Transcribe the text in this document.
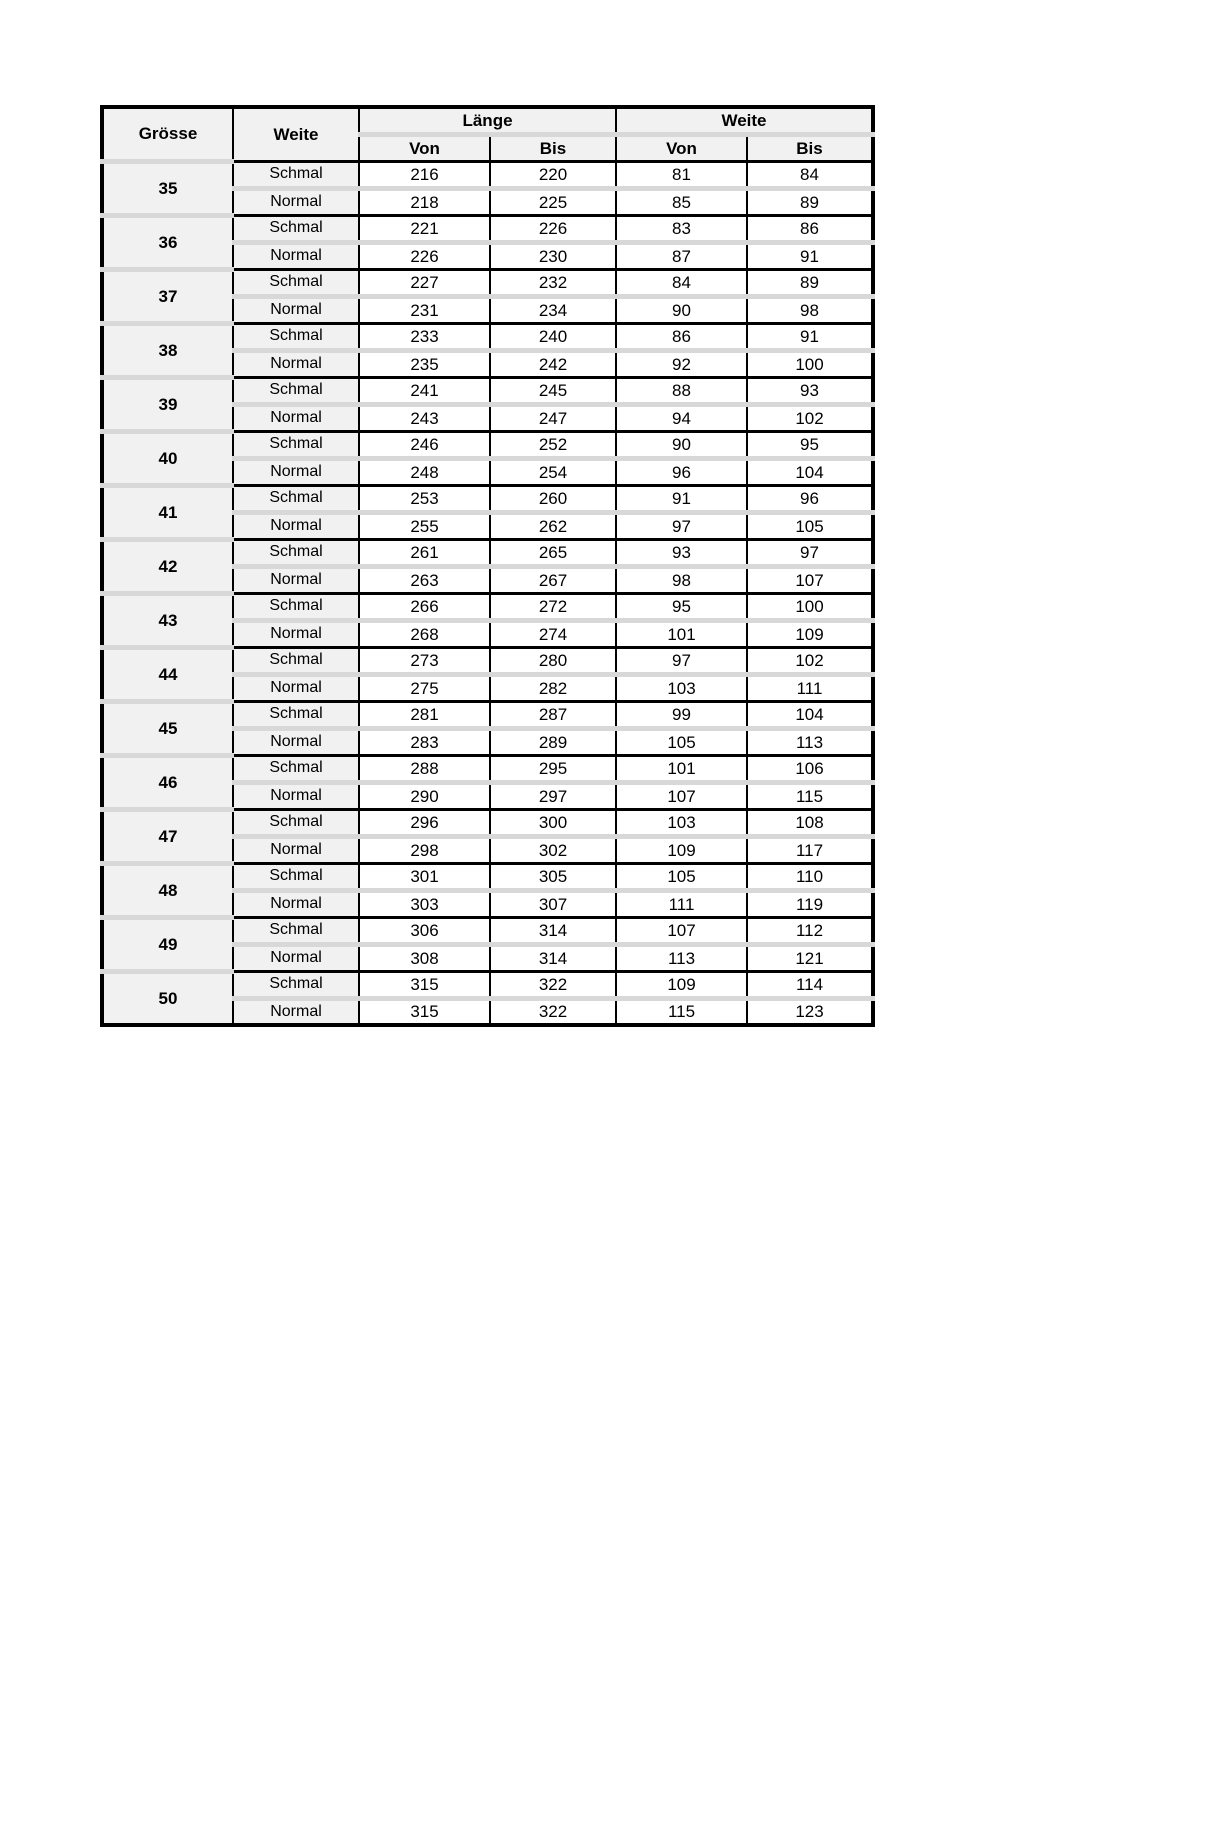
Grösse	Weite	Länge		Weite	
		Von	Bis	Von	Bis
35	Schmal	216	220	81	84
	Normal	218	225	85	89
36	Schmal	221	226	83	86
	Normal	226	230	87	91
37	Schmal	227	232	84	89
	Normal	231	234	90	98
38	Schmal	233	240	86	91
	Normal	235	242	92	100
39	Schmal	241	245	88	93
	Normal	243	247	94	102
40	Schmal	246	252	90	95
	Normal	248	254	96	104
41	Schmal	253	260	91	96
	Normal	255	262	97	105
42	Schmal	261	265	93	97
	Normal	263	267	98	107
43	Schmal	266	272	95	100
	Normal	268	274	101	109
44	Schmal	273	280	97	102
	Normal	275	282	103	111
45	Schmal	281	287	99	104
	Normal	283	289	105	113
46	Schmal	288	295	101	106
	Normal	290	297	107	115
47	Schmal	296	300	103	108
	Normal	298	302	109	117
48	Schmal	301	305	105	110
	Normal	303	307	111	119
49	Schmal	306	314	107	112
	Normal	308	314	113	121
50	Schmal	315	322	109	114
	Normal	315	322	115	123
